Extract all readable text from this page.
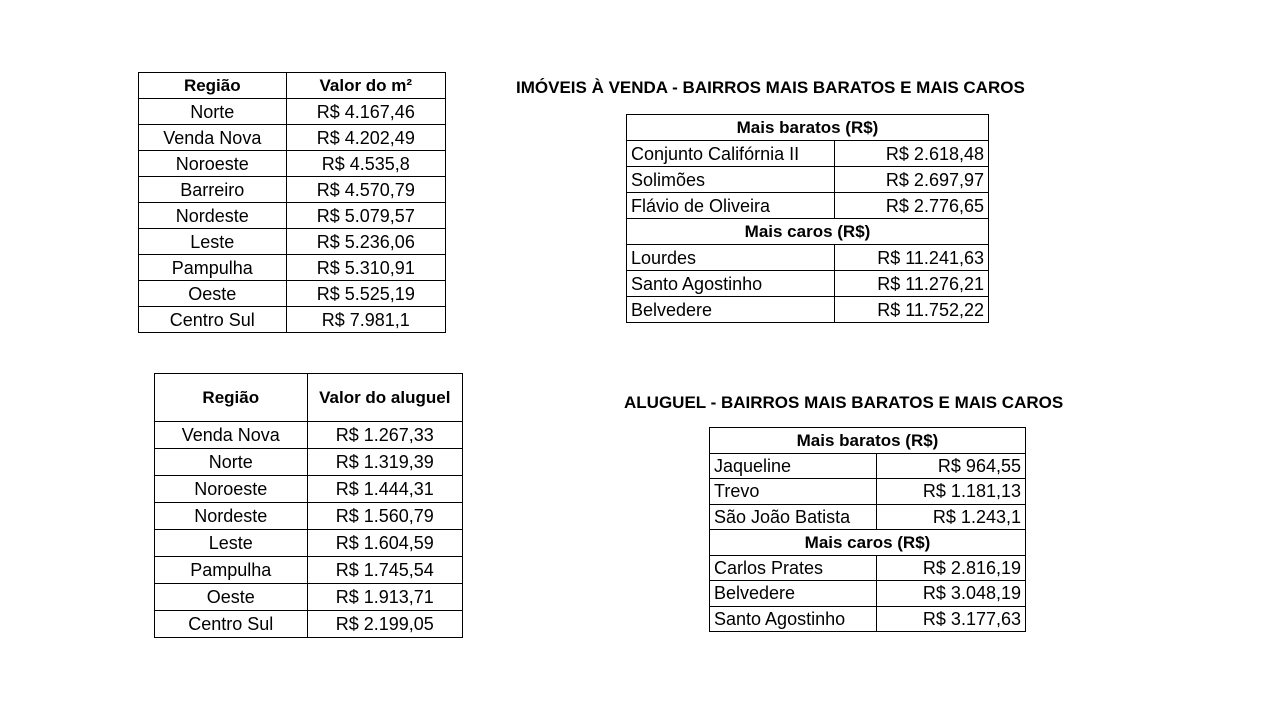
Região	Valor do m²
Norte	R$ 4.167,46
Venda Nova	R$ 4.202,49
Noroeste	R$ 4.535,8
Barreiro	R$ 4.570,79
Nordeste	R$ 5.079,57
Leste	R$ 5.236,06
Pampulha	R$ 5.310,91
Oeste	R$ 5.525,19
Centro Sul	R$ 7.981,1
IMÓVEIS À VENDA - BAIRROS MAIS BARATOS E MAIS CAROS
Mais baratos (R$)	
Conjunto Califórnia II	R$ 2.618,48
Solimões	R$ 2.697,97
Flávio de Oliveira	R$ 2.776,65
Mais caros (R$)	
Lourdes	R$ 11.241,63
Santo Agostinho	R$ 11.276,21
Belvedere	R$ 11.752,22
Região	Valor do aluguel
Venda Nova	R$ 1.267,33
Norte	R$ 1.319,39
Noroeste	R$ 1.444,31
Nordeste	R$ 1.560,79
Leste	R$ 1.604,59
Pampulha	R$ 1.745,54
Oeste	R$ 1.913,71
Centro Sul	R$ 2.199,05
ALUGUEL - BAIRROS MAIS BARATOS E MAIS CAROS
Mais baratos (R$)	
Jaqueline	R$ 964,55
Trevo	R$ 1.181,13
São João Batista	R$ 1.243,1
Mais caros (R$)	
Carlos Prates	R$ 2.816,19
Belvedere	R$ 3.048,19
Santo Agostinho	R$ 3.177,63
